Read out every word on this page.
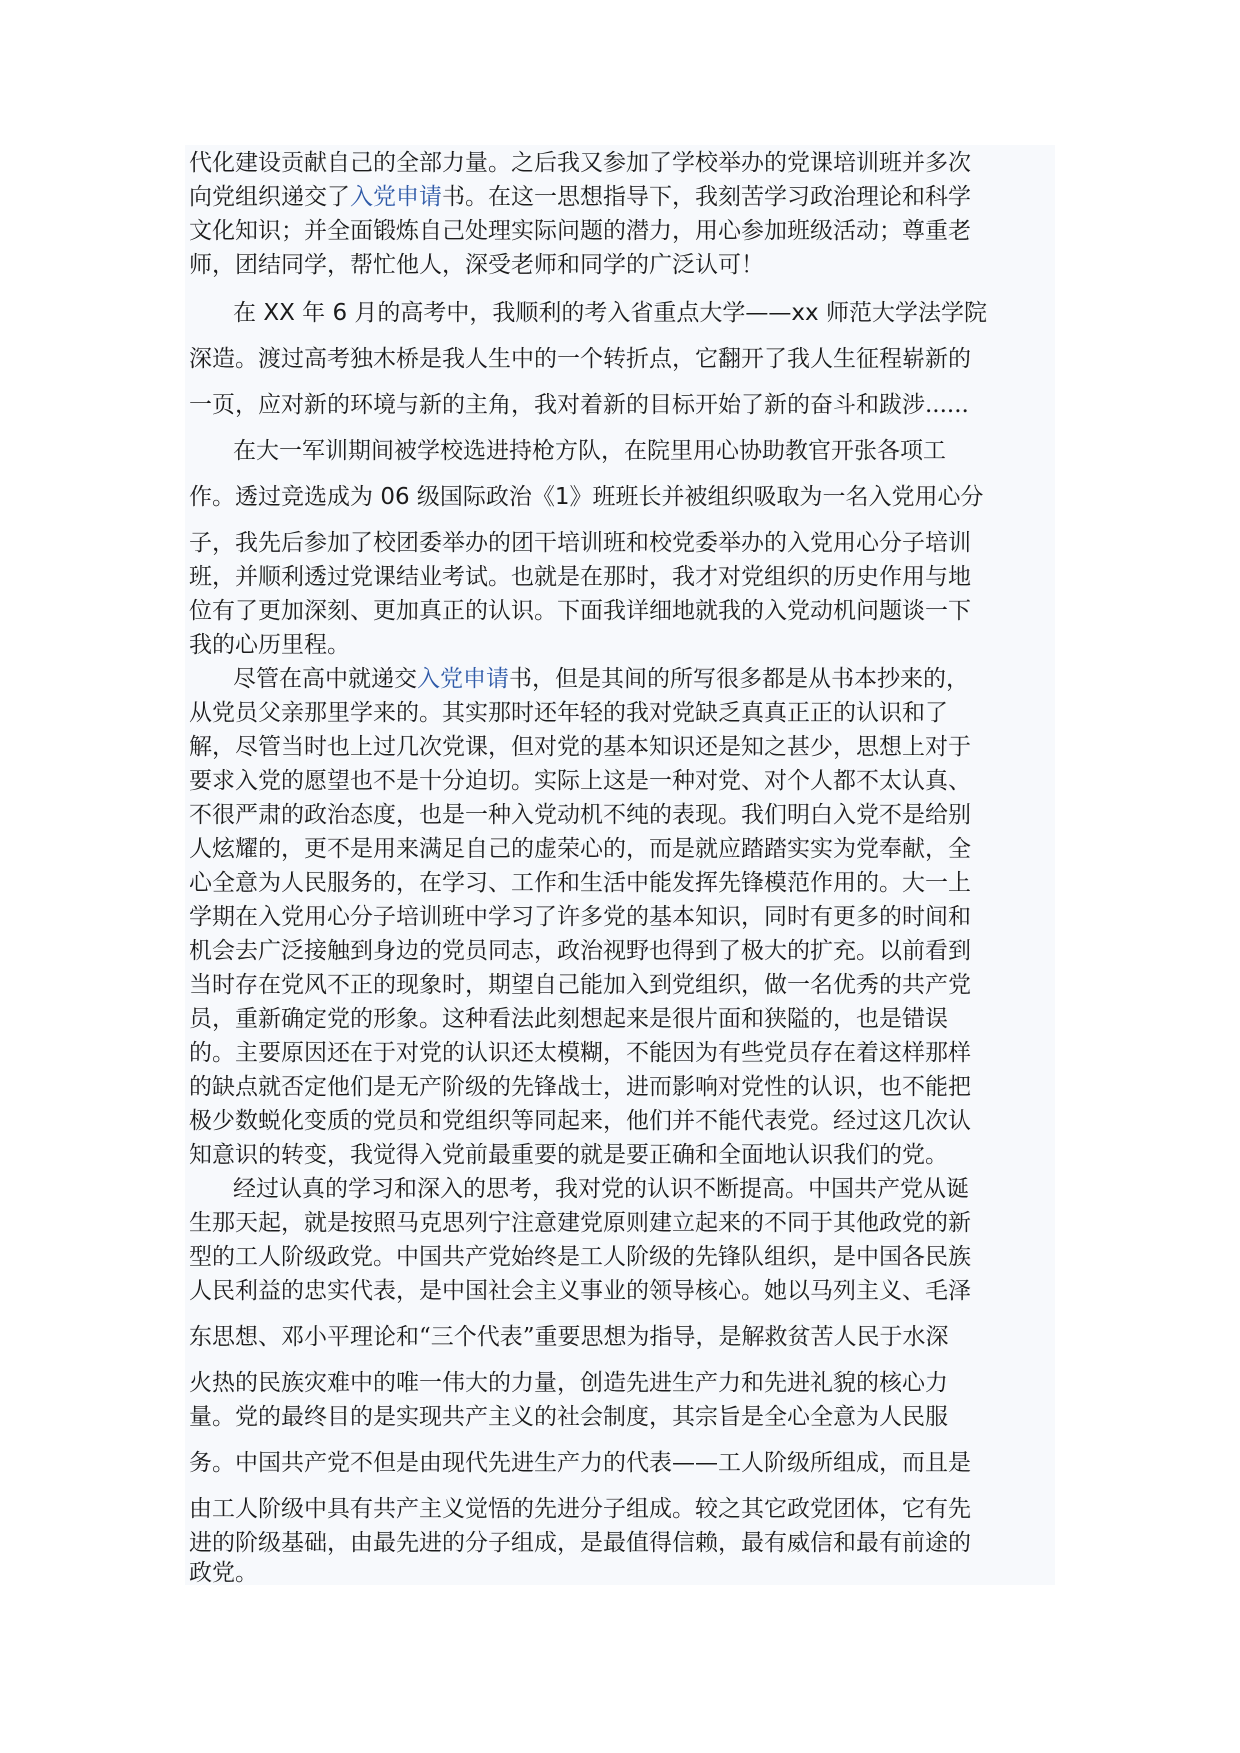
代化建设贡献自己的全部力量。之后我又参加了学校举办的党课培训班并多次
向党组织递交了入党申请书。在这一思想指导下，我刻苦学习政治理论和科学
文化知识；并全面锻炼自己处理实际问题的潜力，用心参加班级活动；尊重老
师，团结同学，帮忙他人，深受老师和同学的广泛认可！
在 XX 年 6 月的高考中，我顺利的考入省重点大学——xx 师范大学法学院
深造。渡过高考独木桥是我人生中的一个转折点，它翻开了我人生征程崭新的
一页，应对新的环境与新的主角，我对着新的目标开始了新的奋斗和跋涉......
在大一军训期间被学校选进持枪方队，在院里用心协助教官开张各项工
作。透过竞选成为 06 级国际政治《1》班班长并被组织吸取为一名入党用心分
子，我先后参加了校团委举办的团干培训班和校党委举办的入党用心分子培训
班，并顺利透过党课结业考试。也就是在那时，我才对党组织的历史作用与地
位有了更加深刻、更加真正的认识。下面我详细地就我的入党动机问题谈一下
我的心历里程。
尽管在高中就递交入党申请书，但是其间的所写很多都是从书本抄来的，
从党员父亲那里学来的。其实那时还年轻的我对党缺乏真真正正的认识和了
解，尽管当时也上过几次党课，但对党的基本知识还是知之甚少，思想上对于
要求入党的愿望也不是十分迫切。实际上这是一种对党、对个人都不太认真、
不很严肃的政治态度，也是一种入党动机不纯的表现。我们明白入党不是给别
人炫耀的，更不是用来满足自己的虚荣心的，而是就应踏踏实实为党奉献，全
心全意为人民服务的，在学习、工作和生活中能发挥先锋模范作用的。大一上
学期在入党用心分子培训班中学习了许多党的基本知识，同时有更多的时间和
机会去广泛接触到身边的党员同志，政治视野也得到了极大的扩充。以前看到
当时存在党风不正的现象时，期望自己能加入到党组织，做一名优秀的共产党
员，重新确定党的形象。这种看法此刻想起来是很片面和狭隘的，也是错误
的。主要原因还在于对党的认识还太模糊，不能因为有些党员存在着这样那样
的缺点就否定他们是无产阶级的先锋战士，进而影响对党性的认识，也不能把
极少数蜕化变质的党员和党组织等同起来，他们并不能代表党。经过这几次认
知意识的转变，我觉得入党前最重要的就是要正确和全面地认识我们的党。
经过认真的学习和深入的思考，我对党的认识不断提高。中国共产党从诞
生那天起，就是按照马克思列宁注意建党原则建立起来的不同于其他政党的新
型的工人阶级政党。中国共产党始终是工人阶级的先锋队组织，是中国各民族
人民利益的忠实代表，是中国社会主义事业的领导核心。她以马列主义、毛泽
东思想、邓小平理论和“三个代表”重要思想为指导，是解救贫苦人民于水深
火热的民族灾难中的唯一伟大的力量，创造先进生产力和先进礼貌的核心力
量。党的最终目的是实现共产主义的社会制度，其宗旨是全心全意为人民服
务。中国共产党不但是由现代先进生产力的代表——工人阶级所组成，而且是
由工人阶级中具有共产主义觉悟的先进分子组成。较之其它政党团体，它有先
进的阶级基础，由最先进的分子组成，是最值得信赖，最有威信和最有前途的
政党。
